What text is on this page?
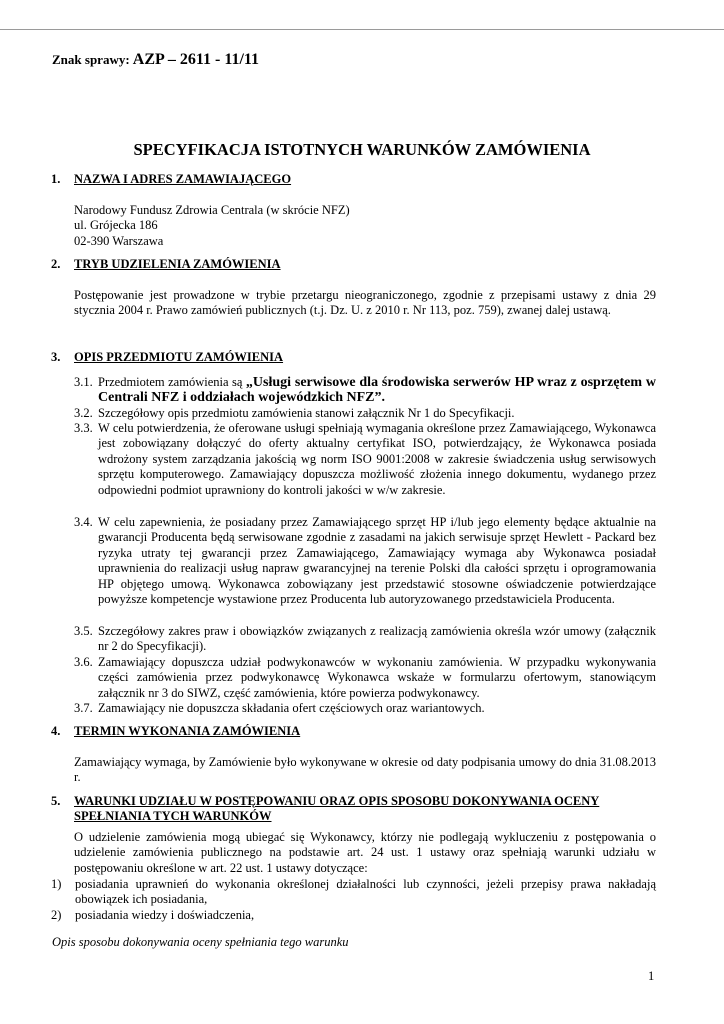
Znak sprawy: AZP – 2611 - 11/11
SPECYFIKACJA ISTOTNYCH WARUNKÓW ZAMÓWIENIA
1. NAZWA I ADRES ZAMAWIAJĄCEGO
Narodowy Fundusz Zdrowia Centrala (w skrócie NFZ)
ul. Grójecka 186
02-390 Warszawa
2. TRYB UDZIELENIA ZAMÓWIENIA
Postępowanie jest prowadzone w trybie przetargu nieograniczonego, zgodnie z przepisami ustawy z dnia 29 stycznia 2004 r. Prawo zamówień publicznych (t.j. Dz. U. z 2010 r. Nr 113, poz. 759), zwanej dalej ustawą.
3. OPIS PRZEDMIOTU ZAMÓWIENIA
3.1. Przedmiotem zamówienia są „Usługi serwisowe dla środowiska serwerów HP wraz z osprzętem w Centrali NFZ i oddziałach wojewódzkich NFZ”.
3.2. Szczegółowy opis przedmiotu zamówienia stanowi załącznik Nr 1 do Specyfikacji.
3.3. W celu potwierdzenia, że oferowane usługi spełniają wymagania określone przez Zamawiającego, Wykonawca jest zobowiązany dołączyć do oferty aktualny certyfikat ISO, potwierdzający, że Wykonawca posiada wdrożony system zarządzania jakością wg norm ISO 9001:2008 w zakresie świadczenia usług serwisowych sprzętu komputerowego. Zamawiający dopuszcza możliwość złożenia innego dokumentu, wydanego przez odpowiedni podmiot uprawniony do kontroli jakości w w/w zakresie.
3.4. W celu zapewnienia, że posiadany przez Zamawiającego sprzęt HP i/lub jego elementy będące aktualnie na gwarancji Producenta będą serwisowane zgodnie z zasadami na jakich serwisuje sprzęt Hewlett - Packard bez ryzyka utraty tej gwarancji przez Zamawiającego, Zamawiający wymaga aby Wykonawca posiadał uprawnienia do realizacji usług napraw gwarancyjnej na terenie Polski dla całości sprzętu i oprogramowania HP objętego umową. Wykonawca zobowiązany jest przedstawić stosowne oświadczenie potwierdzające powyższe kompetencje wystawione przez Producenta lub autoryzowanego przedstawiciela Producenta.
3.5. Szczegółowy zakres praw i obowiązków związanych z realizacją zamówienia określa wzór umowy (załącznik nr 2 do Specyfikacji).
3.6. Zamawiający dopuszcza udział podwykonawców w wykonaniu zamówienia. W przypadku wykonywania części zamówienia przez podwykonawcę Wykonawca wskaże w formularzu ofertowym, stanowiącym załącznik nr 3 do SIWZ, część zamówienia, które powierza podwykonawcy.
3.7. Zamawiający nie dopuszcza składania ofert częściowych oraz wariantowych.
4. TERMIN WYKONANIA ZAMÓWIENIA
Zamawiający wymaga, by Zamówienie było wykonywane w okresie od daty podpisania umowy do dnia 31.08.2013 r.
5. WARUNKI UDZIAŁU W POSTĘPOWANIU ORAZ OPIS SPOSOBU DOKONYWANIA OCENY SPEŁNIANIA TYCH WARUNKÓW
O udzielenie zamówienia mogą ubiegać się Wykonawcy, którzy nie podlegają wykluczeniu z postępowania o udzielenie zamówienia publicznego na podstawie art. 24 ust. 1 ustawy oraz spełniają warunki udziału w postępowaniu określone w art. 22 ust. 1 ustawy dotyczące:
1)	posiadania uprawnień do wykonania określonej działalności lub czynności, jeżeli przepisy prawa nakładają obowiązek ich posiadania,
2)	posiadania wiedzy i doświadczenia,
Opis sposobu dokonywania oceny spełniania tego warunku
1
